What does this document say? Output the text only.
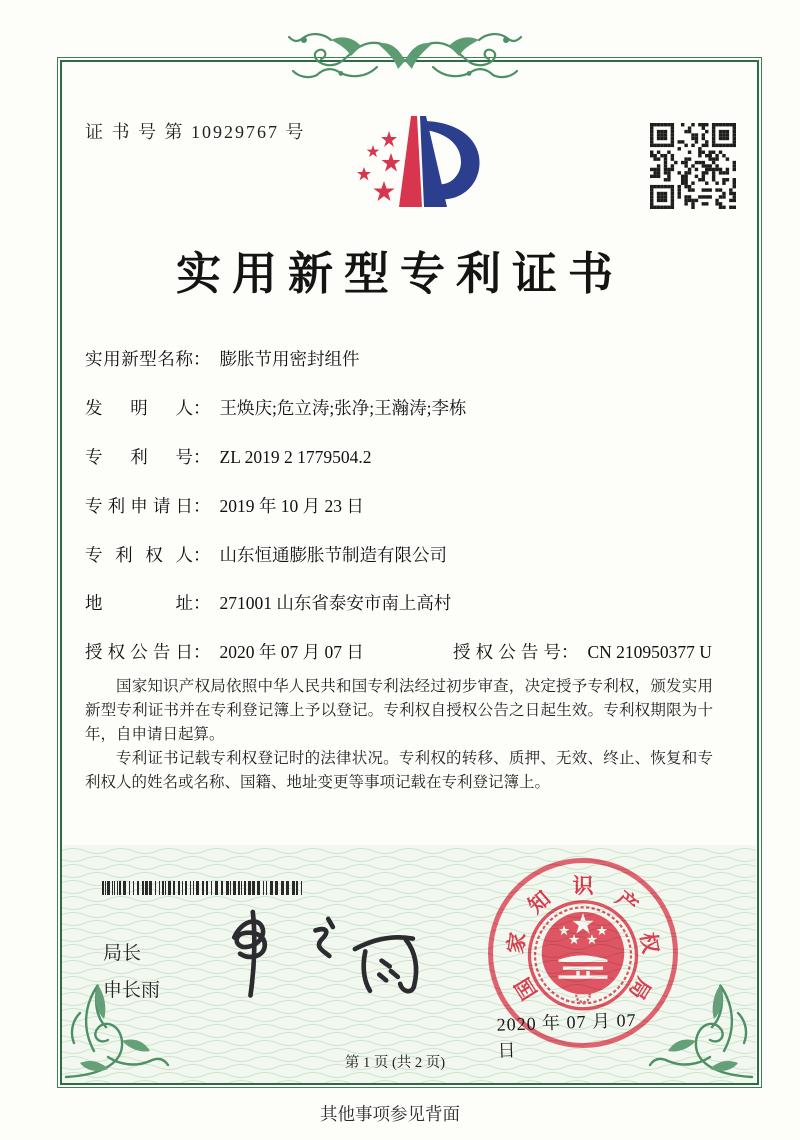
证 书 号 第 10929767 号
实用新型专利证书
实用新型名称： 膨胀节用密封组件
发明人： 王焕庆;危立涛;张净;王瀚涛;李栋
专利号： ZL 2019 2 1779504.2
专利申请日： 2019 年 10 月 23 日
专利权人： 山东恒通膨胀节制造有限公司
地址： 271001 山东省泰安市南上高村
授权公告日： 2020 年 07 月 07 日	授权公告号： CN 210950377 U

国家知识产权局依照中华人民共和国专利法经过初步审查，决定授予专利权，颁发实用新型专利证书并在专利登记簿上予以登记。专利权自授权公告之日起生效。专利权期限为十年，自申请日起算。

专利证书记载专利权登记时的法律状况。专利权的转移、质押、无效、终止、恢复和专利权人的姓名或名称、国籍、地址变更等事项记载在专利登记簿上。

局长
申长雨	国
家
知
识
产
权
局
2020 年 07 月 07 日
第 1 页 (共 2 页)
其他事项参见背面
